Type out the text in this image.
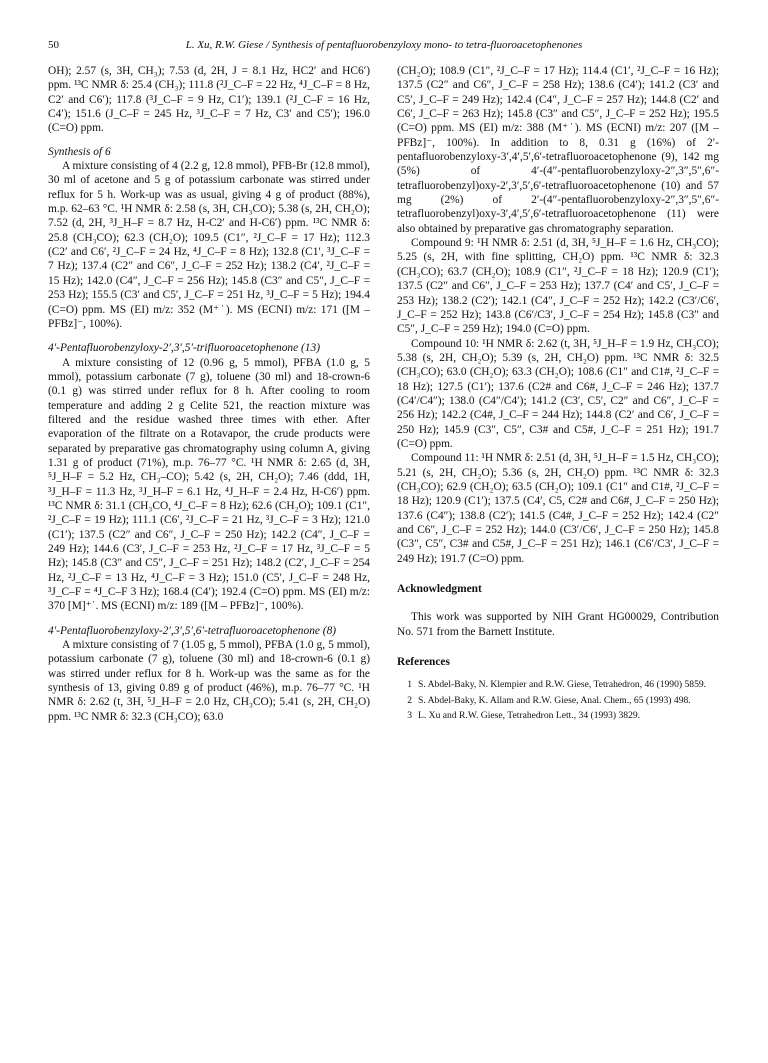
50	L. Xu, R.W. Giese / Synthesis of pentafluorobenzyloxy mono- to tetra-fluoroacetophenones

OH); 2.57 (s, 3H, CH₃); 7.53 (d, 2H, J = 8.1 Hz, HC2′ and HC6′) ppm. ¹³C NMR δ: 25.4 (CH₃); 111.8 (²J_C–F = 22 Hz, ⁴J_C–F = 8 Hz, C2′ and C6′); 117.8 (³J_C–F = 9 Hz, C1′); 139.1 (²J_C–F = 16 Hz, C4′); 151.6 (J_C–F = 245 Hz, ³J_C–F = 7 Hz, C3′ and C5′); 196.0 (C=O) ppm.

Synthesis of 6

A mixture consisting of 4 (2.2 g, 12.8 mmol), PFB-Br (12.8 mmol), 30 ml of acetone and 5 g of potassium carbonate was stirred under reflux for 5 h. Work-up was as usual, giving 4 g of product (88%), m.p. 62–63 °C. ¹H NMR δ: 2.58 (s, 3H, CH₃CO); 5.38 (s, 2H, CH₂O); 7.52 (d, 2H, ³J_H–F = 8.7 Hz, H-C2′ and H-C6′) ppm. ¹³C NMR δ: 25.8 (CH₃CO); 62.3 (CH₂O); 109.5 (C1″, ²J_C–F = 17 Hz); 112.3 (C2′ and C6′, ²J_C–F = 24 Hz, ⁴J_C–F = 8 Hz); 132.8 (C1′, ³J_C–F = 7 Hz); 137.4 (C2″ and C6″, J_C–F = 252 Hz); 138.2 (C4′, ²J_C–F = 15 Hz); 142.0 (C4″, J_C–F = 256 Hz); 145.8 (C3″ and C5″, J_C–F = 253 Hz); 155.5 (C3′ and C5′, J_C–F = 251 Hz, ³J_C–F = 5 Hz); 194.4 (C=O) ppm. MS (EI) m/z: 352 (M⁺˙). MS (ECNI) m/z: 171 ([M – PFBz]⁻, 100%).

4′-Pentafluorobenzyloxy-2′,3′,5′-trifluoroacetophenone (13)

A mixture consisting of 12 (0.96 g, 5 mmol), PFBA (1.0 g, 5 mmol), potassium carbonate (7 g), toluene (30 ml) and 18-crown-6 (0.1 g) was stirred under reflux for 8 h. After cooling to room temperature and adding 2 g Celite 521, the reaction mixture was filtered and the residue washed three times with ether. After evaporation of the filtrate on a Rotavapor, the crude products were separated by preparative gas chromatography using column A, giving 1.31 g of product (71%), m.p. 76–77 °C. ¹H NMR δ: 2.65 (d, 3H, ⁵J_H–F = 5.2 Hz, CH₃–CO); 5.42 (s, 2H, CH₂O); 7.46 (ddd, 1H, ³J_H–F = 11.3 Hz, ³J_H–F = 6.1 Hz, ⁴J_H–F = 2.4 Hz, H-C6′) ppm. ¹³C NMR δ: 31.1 (CH₃CO, ⁴J_C–F = 8 Hz); 62.6 (CH₂O); 109.1 (C1″, ²J_C–F = 19 Hz); 111.1 (C6′, ²J_C–F = 21 Hz, ³J_C–F = 3 Hz); 121.0 (C1′); 137.5 (C2″ and C6″, J_C–F = 250 Hz); 142.2 (C4″, J_C–F = 249 Hz); 144.6 (C3′, J_C–F = 253 Hz, ²J_C–F = 17 Hz, ³J_C–F = 5 Hz); 145.8 (C3″ and C5″, J_C–F = 251 Hz); 148.2 (C2′, J_C–F = 254 Hz, ²J_C–F = 13 Hz, ⁴J_C–F = 3 Hz); 151.0 (C5′, J_C–F = 248 Hz, ³J_C–F = ⁴J_C–F 3 Hz); 168.4 (C4′); 192.4 (C=O) ppm. MS (EI) m/z: 370 [M]⁺˙. MS (ECNI) m/z: 189 ([M – PFBz]⁻, 100%).

4′-Pentafluorobenzyloxy-2′,3′,5′,6′-tetrafluoroacetophenone (8)

A mixture consisting of 7 (1.05 g, 5 mmol), PFBA (1.0 g, 5 mmol), potassium carbonate (7 g), toluene (30 ml) and 18-crown-6 (0.1 g) was stirred under reflux for 8 h. Work-up was the same as for the synthesis of 13, giving 0.89 g of product (46%), m.p. 76–77 °C. ¹H NMR δ: 2.62 (t, 3H, ⁵J_H–F = 2.0 Hz, CH₃CO); 5.41 (s, 2H, CH₂O) ppm. ¹³C NMR δ: 32.3 (CH₃CO); 63.0

(CH₂O); 108.9 (C1″, ²J_C–F = 17 Hz); 114.4 (C1′, ²J_C–F = 16 Hz); 137.5 (C2″ and C6″, J_C–F = 258 Hz); 138.6 (C4′); 141.2 (C3′ and C5′, J_C–F = 249 Hz); 142.4 (C4″, J_C–F = 257 Hz); 144.8 (C2′ and C6′, J_C–F = 263 Hz); 145.8 (C3″ and C5″, J_C–F = 252 Hz); 195.5 (C=O) ppm. MS (EI) m/z: 388 (M⁺˙). MS (ECNI) m/z: 207 ([M – PFBz]⁻, 100%). In addition to 8, 0.31 g (16%) of 2′-pentafluorobenzyloxy-3′,4′,5′,6′-tetrafluoroacetophenone (9), 142 mg (5%) of 4′-(4″-pentafluorobenzyloxy-2″,3″,5″,6″-tetrafluorobenzyl)oxy-2′,3′,5′,6′-tetrafluoroacetophenone (10) and 57 mg (2%) of 2′-(4″-pentafluorobenzyloxy-2″,3″,5″,6″-tetrafluorobenzyl)oxy-3′,4′,5′,6′-tetrafluoroacetophenone (11) were also obtained by preparative gas chromatography separation.

Compound 9: ¹H NMR δ: 2.51 (d, 3H, ⁵J_H–F = 1.6 Hz, CH₃CO); 5.25 (s, 2H, with fine splitting, CH₂O) ppm. ¹³C NMR δ: 32.3 (CH₃CO); 63.7 (CH₂O); 108.9 (C1″, ²J_C–F = 18 Hz); 120.9 (C1′); 137.5 (C2″ and C6″, J_C–F = 253 Hz); 137.7 (C4′ and C5′, J_C–F = 253 Hz); 138.2 (C2′); 142.1 (C4″, J_C–F = 252 Hz); 142.2 (C3′/C6′, J_C–F = 252 Hz); 143.8 (C6′/C3′, J_C–F = 254 Hz); 145.8 (C3″ and C5″, J_C–F = 259 Hz); 194.0 (C=O) ppm.

Compound 10: ¹H NMR δ: 2.62 (t, 3H, ⁵J_H–F = 1.9 Hz, CH₃CO); 5.38 (s, 2H, CH₂O); 5.39 (s, 2H, CH₂O) ppm. ¹³C NMR δ: 32.5 (CH₃CO); 63.0 (CH₂O); 63.3 (CH₂O); 108.6 (C1″ and C1#, ²J_C–F = 18 Hz); 127.5 (C1′); 137.6 (C2# and C6#, J_C–F = 246 Hz); 137.7 (C4′/C4″); 138.0 (C4″/C4′); 141.2 (C3′, C5′, C2″ and C6″, J_C–F = 256 Hz); 142.2 (C4#, J_C–F = 244 Hz); 144.8 (C2′ and C6′, J_C–F = 250 Hz); 145.9 (C3″, C5″, C3# and C5#, J_C–F = 251 Hz); 191.7 (C=O) ppm.

Compound 11: ¹H NMR δ: 2.51 (d, 3H, ⁵J_H–F = 1.5 Hz, CH₃CO); 5.21 (s, 2H, CH₂O); 5.36 (s, 2H, CH₂O) ppm. ¹³C NMR δ: 32.3 (CH₃CO); 62.9 (CH₂O); 63.5 (CH₂O); 109.1 (C1″ and C1#, ²J_C–F = 18 Hz); 120.9 (C1′); 137.5 (C4′, C5, C2# and C6#, J_C–F = 250 Hz); 137.6 (C4″); 138.8 (C2′); 141.5 (C4#, J_C–F = 252 Hz); 142.4 (C2″ and C6″, J_C–F = 252 Hz); 144.0 (C3′/C6′, J_C–F = 250 Hz); 145.8 (C3″, C5″, C3# and C5#, J_C–F = 251 Hz); 146.1 (C6′/C3′, J_C–F = 249 Hz); 191.7 (C=O) ppm.

Acknowledgment

This work was supported by NIH Grant HG00029, Contribution No. 571 from the Barnett Institute.

References

1 S. Abdel-Baky, N. Klempier and R.W. Giese, Tetrahedron, 46 (1990) 5859.
2 S. Abdel-Baky, K. Allam and R.W. Giese, Anal. Chem., 65 (1993) 498.
3 L. Xu and R.W. Giese, Tetrahedron Lett., 34 (1993) 3829.
